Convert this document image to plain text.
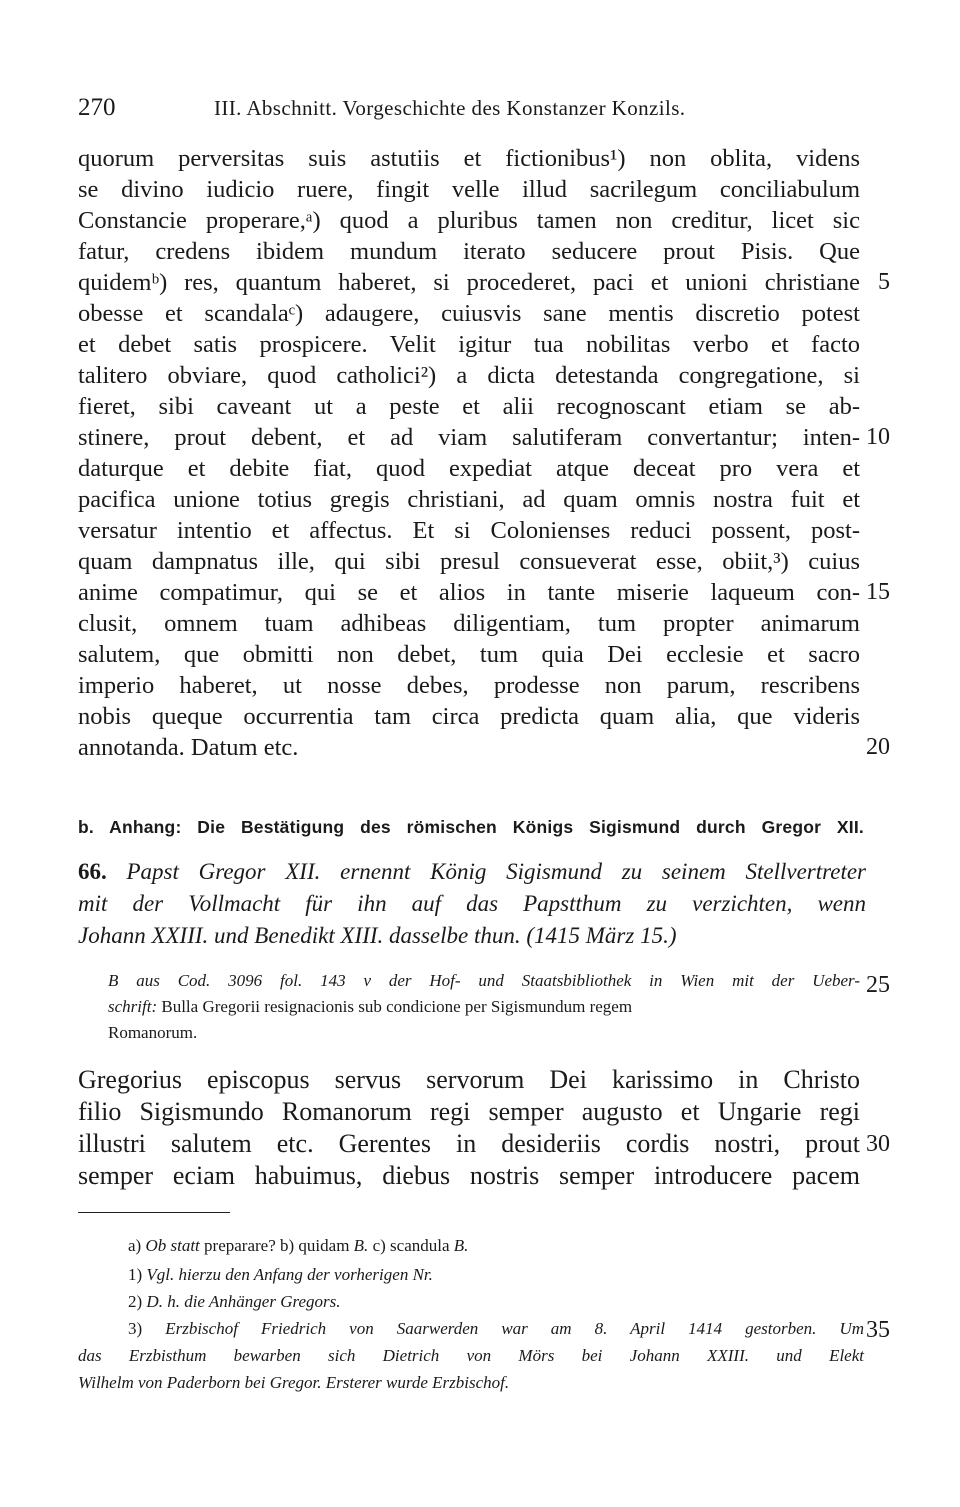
270	III. Abschnitt. Vorgeschichte des Konstanzer Konzils.
quorum perversitas suis astutiis et fictionibus¹) non oblita, videns
se divino iudicio ruere, fingit velle illud sacrilegum conciliabulum
Constancie properare,ᵃ) quod a pluribus tamen non creditur, licet sic
fatur, credens ibidem mundum iterato seducere prout Pisis. Que
quidemᵇ) res, quantum haberet, si procederet, paci et unioni christiane
obesse et scandalaᶜ) adaugere, cuiusvis sane mentis discretio potest
et debet satis prospicere. Velit igitur tua nobilitas verbo et facto
talitero obviare, quod catholici²) a dicta detestanda congregatione, si
fieret, sibi caveant ut a peste et alii recognoscant etiam se ab-
stinere, prout debent, et ad viam salutiferam convertantur; inten-
daturque et debite fiat, quod expediat atque deceat pro vera et
pacifica unione totius gregis christiani, ad quam omnis nostra fuit et
versatur intentio et affectus. Et si Colonienses reduci possent, post-
quam dampnatus ille, qui sibi presul consueverat esse, obiit,³) cuius
anime compatimur, qui se et alios in tante miserie laqueum con-
clusit, omnem tuam adhibeas diligentiam, tum propter animarum
salutem, que obmitti non debet, tum quia Dei ecclesie et sacro
imperio haberet, ut nosse debes, prodesse non parum, rescribens
nobis queque occurrentia tam circa predicta quam alia, que videris
annotanda. Datum etc.
5
10
15
20
b. Anhang: Die Bestätigung des römischen Königs Sigismund durch Gregor XII.
66. Papst Gregor XII. ernennt König Sigismund zu seinem Stellvertreter
mit der Vollmacht für ihn auf das Papstthum zu verzichten, wenn
Johann XXIII. und Benedikt XIII. dasselbe thun. (1415 März 15.)
B aus Cod. 3096 fol. 143 v der Hof- und Staatsbibliothek in Wien mit der Ueber-
schrift: Bulla Gregorii resignacionis sub condicione per Sigismundum regem
Romanorum.
25
Gregorius episcopus servus servorum Dei karissimo in Christo
filio Sigismundo Romanorum regi semper augusto et Ungarie regi
illustri salutem etc. Gerentes in desideriis cordis nostri, prout
semper eciam habuimus, diebus nostris semper introducere pacem
30
a) Ob statt preparare? b) quidam B. c) scandula B.
1) Vgl. hierzu den Anfang der vorherigen Nr.
2) D. h. die Anhänger Gregors.
3) Erzbischof Friedrich von Saarwerden war am 8. April 1414 gestorben. Um
das Erzbisthum bewarben sich Dietrich von Mörs bei Johann XXIII. und Elekt
Wilhelm von Paderborn bei Gregor. Ersterer wurde Erzbischof.
35
